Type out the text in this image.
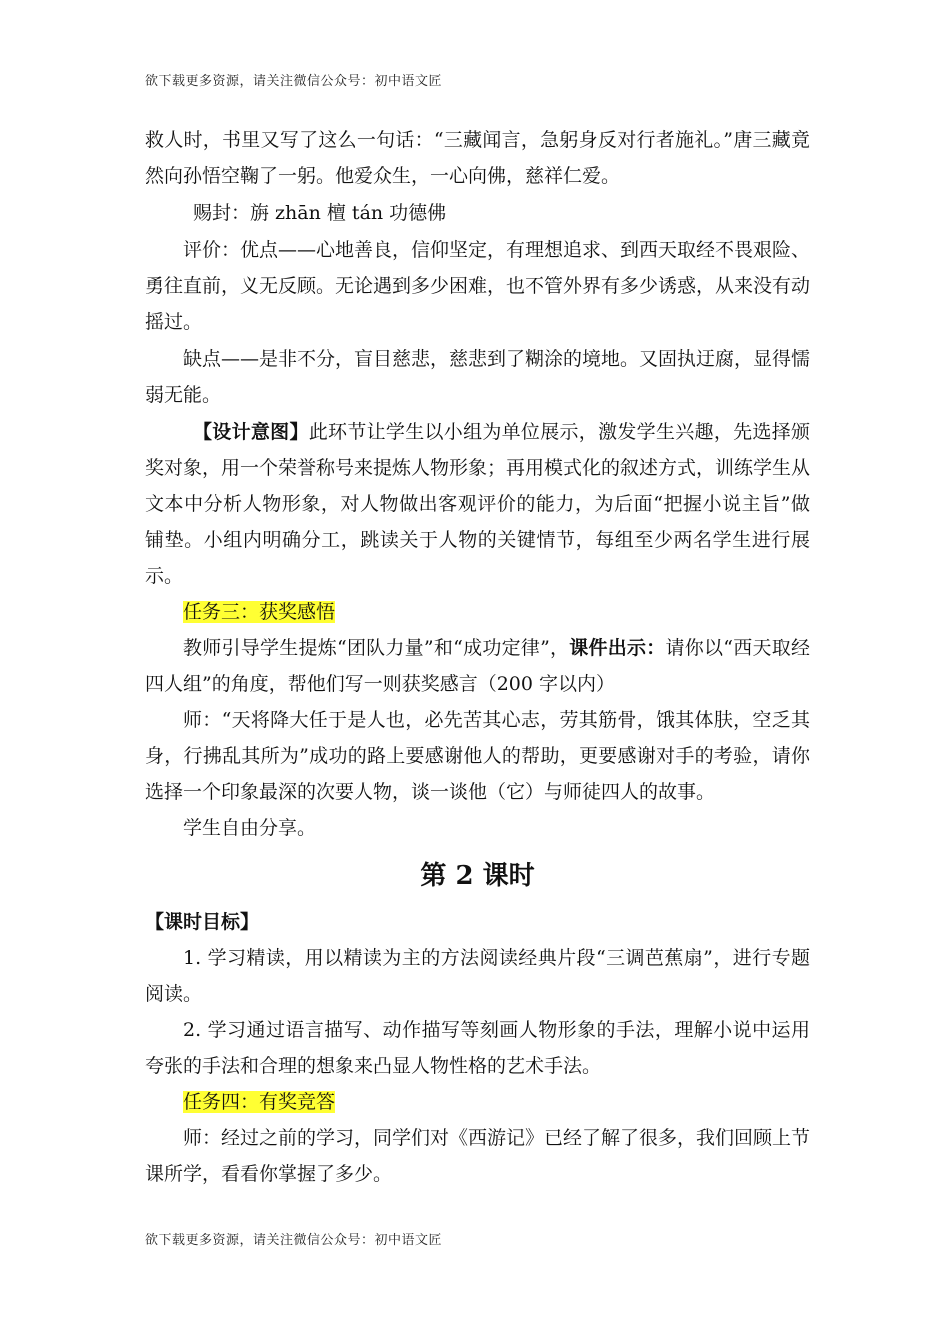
欲下载更多资源，请关注微信公众号：初中语文匠

救人时，书里又写了这么一句话：“三藏闻言，急躬身反对行者施礼。”唐三藏竟然向孙悟空鞠了一躬。他爱众生，一心向佛，慈祥仁爱。

赐封：旃 zhān 檀 tán 功德佛

评价：优点——心地善良，信仰坚定，有理想追求、到西天取经不畏艰险、勇往直前，义无反顾。无论遇到多少困难，也不管外界有多少诱惑，从来没有动摇过。

缺点——是非不分，盲目慈悲，慈悲到了糊涂的境地。又固执迂腐，显得懦弱无能。

【设计意图】此环节让学生以小组为单位展示，激发学生兴趣，先选择颁奖对象，用一个荣誉称号来提炼人物形象；再用模式化的叙述方式，训练学生从文本中分析人物形象，对人物做出客观评价的能力，为后面“把握小说主旨”做铺垫。小组内明确分工，跳读关于人物的关键情节，每组至少两名学生进行展示。

任务三：获奖感悟

教师引导学生提炼“团队力量”和“成功定律”，课件出示：请你以“西天取经四人组”的角度，帮他们写一则获奖感言（200 字以内）

师：“天将降大任于是人也，必先苦其心志，劳其筋骨，饿其体肤，空乏其身，行拂乱其所为”成功的路上要感谢他人的帮助，更要感谢对手的考验，请你选择一个印象最深的次要人物，谈一谈他（它）与师徒四人的故事。

学生自由分享。

第 2 课时

【课时目标】

1. 学习精读，用以精读为主的方法阅读经典片段“三调芭蕉扇”，进行专题阅读。

2. 学习通过语言描写、动作描写等刻画人物形象的手法，理解小说中运用夸张的手法和合理的想象来凸显人物性格的艺术手法。

任务四：有奖竞答

师：经过之前的学习，同学们对《西游记》已经了解了很多，我们回顾上节课所学，看看你掌握了多少。

欲下载更多资源，请关注微信公众号：初中语文匠
